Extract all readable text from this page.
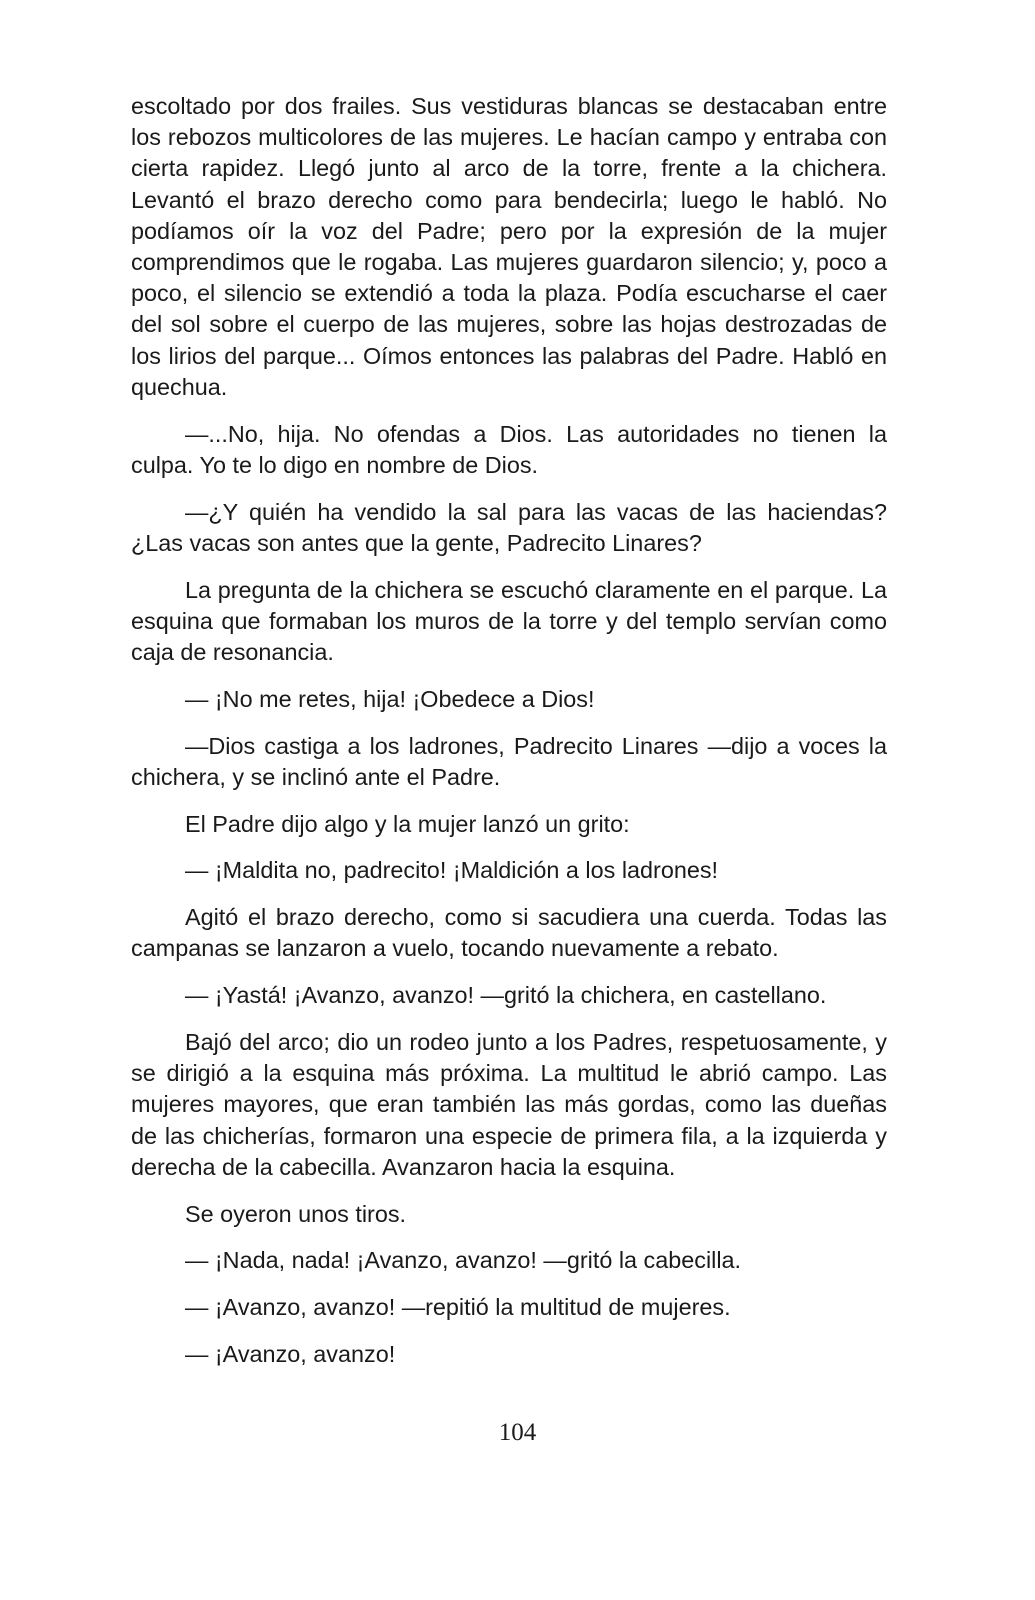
escoltado por dos frailes. Sus vestiduras blancas se destacaban entre los rebozos multicolores de las mujeres. Le hacían campo y entraba con cierta rapidez. Llegó junto al arco de la torre, frente a la chichera. Levantó el brazo derecho como para bendecirla; luego le habló. No podíamos oír la voz del Padre; pero por la expresión de la mujer comprendimos que le rogaba. Las mujeres guardaron silencio; y, poco a poco, el silencio se extendió a toda la plaza. Podía escucharse el caer del sol sobre el cuerpo de las mujeres, sobre las hojas destrozadas de los lirios del parque... Oímos entonces las palabras del Padre. Habló en quechua.

—...No, hija. No ofendas a Dios. Las autoridades no tienen la culpa. Yo te lo digo en nombre de Dios.

—¿Y quién ha vendido la sal para las vacas de las haciendas? ¿Las vacas son antes que la gente, Padrecito Linares?

La pregunta de la chichera se escuchó claramente en el parque. La esquina que formaban los muros de la torre y del templo servían como caja de resonancia.

— ¡No me retes, hija! ¡Obedece a Dios!

—Dios castiga a los ladrones, Padrecito Linares —dijo a voces la chichera, y se inclinó ante el Padre.

El Padre dijo algo y la mujer lanzó un grito:

— ¡Maldita no, padrecito! ¡Maldición a los ladrones!

Agitó el brazo derecho, como si sacudiera una cuerda. Todas las campanas se lanzaron a vuelo, tocando nuevamente a rebato.

— ¡Yastá! ¡Avanzo, avanzo! —gritó la chichera, en castellano.

Bajó del arco; dio un rodeo junto a los Padres, respetuosamente, y se dirigió a la esquina más próxima. La multitud le abrió campo. Las mujeres mayores, que eran también las más gordas, como las dueñas de las chicherías, formaron una especie de primera fila, a la izquierda y derecha de la cabecilla. Avanzaron hacia la esquina.

Se oyeron unos tiros.

— ¡Nada, nada! ¡Avanzo, avanzo! —gritó la cabecilla.

— ¡Avanzo, avanzo! —repitió la multitud de mujeres.

— ¡Avanzo, avanzo!

104
